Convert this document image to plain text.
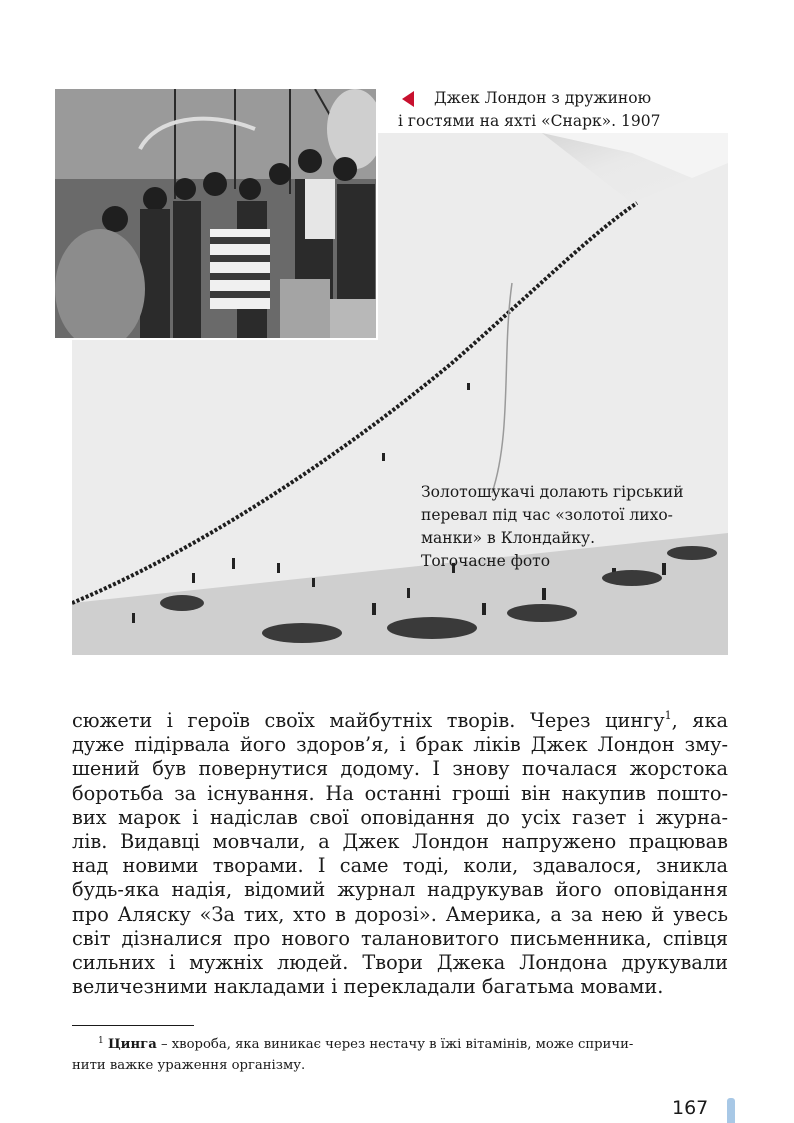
Джек Лондон з дружиною
і гостями на яхті «Снарк». 1907
Золотошукачі долають гірський
перевал під час «золотої лихо-
манки» в Клондайку.
Тогочасне фото
сюжети і героїв своїх майбутніх творів. Через цингу$^1$, яка
дуже підірвала його здоров’я, і брак ліків Джек Лондон зму-
шений був повернутися додому. І знову почалася жорстока
боротьба за існування. На останні гроші він накупив пошто-
вих марок і надіслав свої оповідання до усіх газет і журна-
лів. Видавці мовчали, а Джек Лондон напружено працював
над новими творами. І саме тоді, коли, здавалося, зникла
будь-яка надія, відомий журнал надрукував його оповідання
про Аляску «За тих, хто в дорозі». Америка, а за нею й увесь
світ дізналися про нового талановитого письменника, співця
сильних і мужніх людей. Твори Джека Лондона друкували
величезними накладами і перекладали багатьма мовами.
$^1$ Цинга – хвороба, яка виникає через нестачу в їжі вітамінів, може спричи-
нити важке ураження організму.
167
